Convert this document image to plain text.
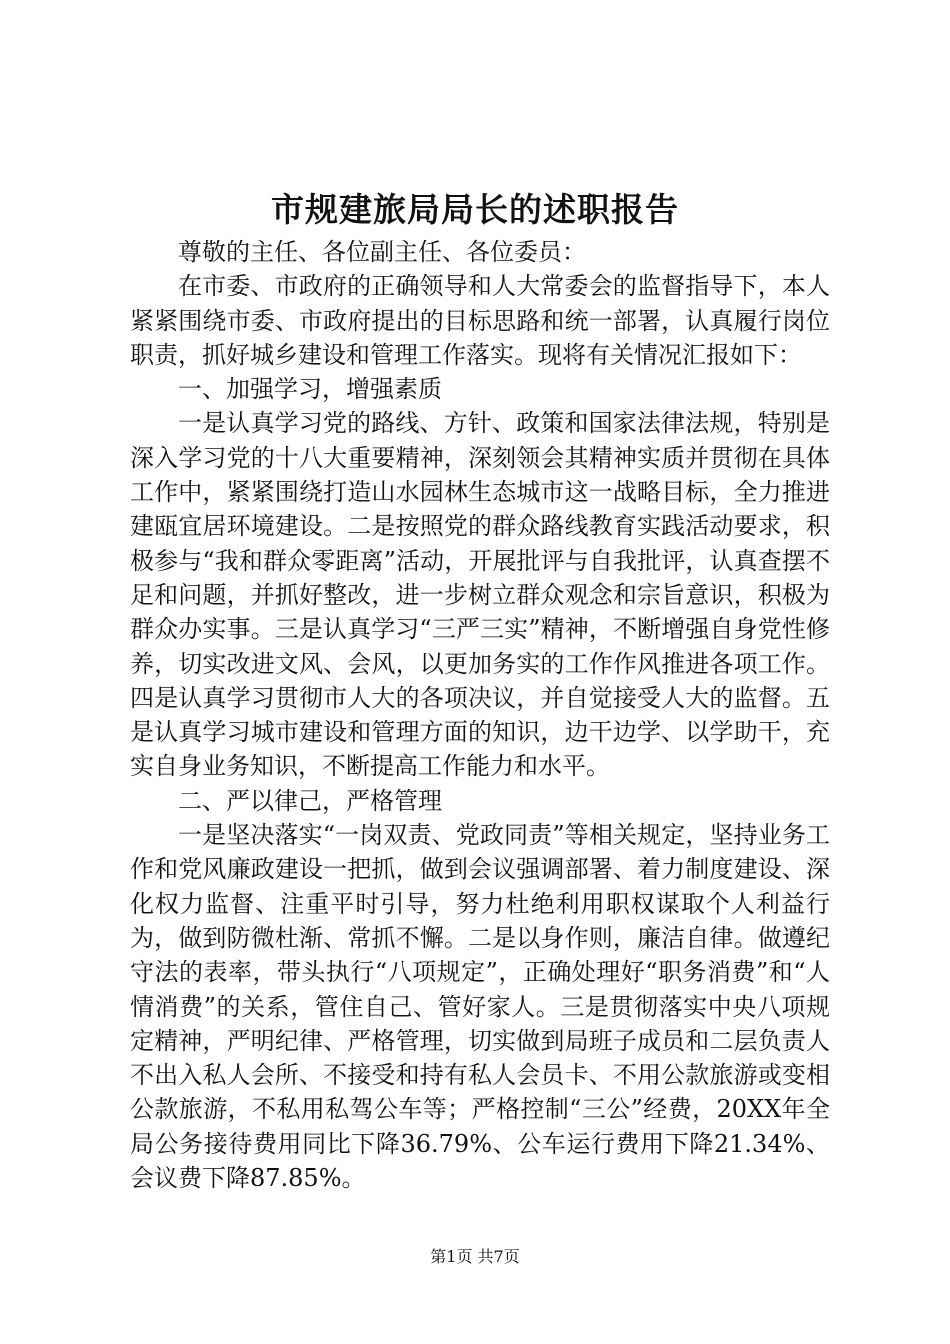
市规建旅局局长的述职报告

尊敬的主任、各位副主任、各位委员：

在市委、市政府的正确领导和人大常委会的监督指导下，本人紧紧围绕市委、市政府提出的目标思路和统一部署，认真履行岗位职责，抓好城乡建设和管理工作落实。现将有关情况汇报如下：

一、加强学习，增强素质

一是认真学习党的路线、方针、政策和国家法律法规，特别是深入学习党的十八大重要精神，深刻领会其精神实质并贯彻在具体工作中，紧紧围绕打造山水园林生态城市这一战略目标，全力推进建瓯宜居环境建设。二是按照党的群众路线教育实践活动要求，积极参与“我和群众零距离”活动，开展批评与自我批评，认真查摆不足和问题，并抓好整改，进一步树立群众观念和宗旨意识，积极为群众办实事。三是认真学习“三严三实”精神，不断增强自身党性修养，切实改进文风、会风，以更加务实的工作作风推进各项工作。四是认真学习贯彻市人大的各项决议，并自觉接受人大的监督。五是认真学习城市建设和管理方面的知识，边干边学、以学助干，充实自身业务知识，不断提高工作能力和水平。

二、严以律己，严格管理

一是坚决落实“一岗双责、党政同责”等相关规定，坚持业务工作和党风廉政建设一把抓，做到会议强调部署、着力制度建设、深化权力监督、注重平时引导，努力杜绝利用职权谋取个人利益行为，做到防微杜渐、常抓不懈。二是以身作则，廉洁自律。做遵纪守法的表率，带头执行“八项规定”，正确处理好“职务消费”和“人情消费”的关系，管住自己、管好家人。三是贯彻落实中央八项规定精神，严明纪律、严格管理，切实做到局班子成员和二层负责人不出入私人会所、不接受和持有私人会员卡、不用公款旅游或变相公款旅游，不私用私驾公车等；严格控制“三公”经费，20XX年全局公务接待费用同比下降36.79%、公车运行费用下降21.34%、会议费下降87.85%。

第1页 共7页
